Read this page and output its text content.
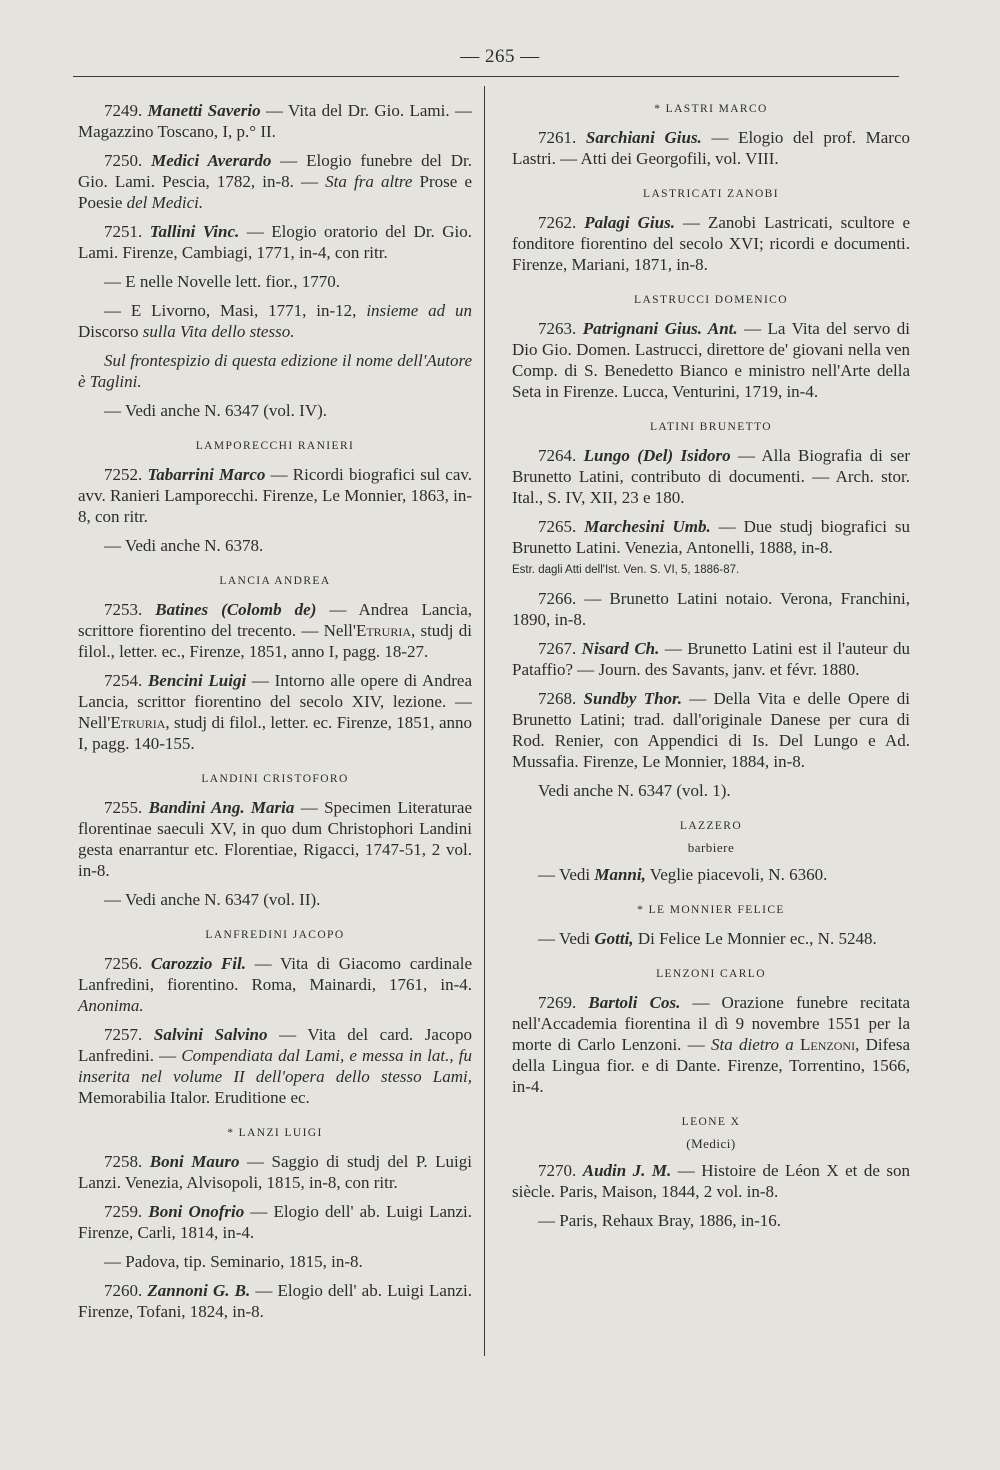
— 265 —

7249. Manetti Saverio — Vita del Dr. Gio. Lami. — Magazzino Toscano, I, p.° II.

7250. Medici Averardo — Elogio funebre del Dr. Gio. Lami. Pescia, 1782, in-8. — Sta fra altre Prose e Poesie del Medici.

7251. Tallini Vinc. — Elogio oratorio del Dr. Gio. Lami. Firenze, Cambiagi, 1771, in-4, con ritr.

— E nelle Novelle lett. fior., 1770.

— E Livorno, Masi, 1771, in-12, insieme ad un Discorso sulla Vita dello stesso.

Sul frontespizio di questa edizione il nome dell'Autore è Taglini.

— Vedi anche N. 6347 (vol. IV).

LAMPORECCHI RANIERI

7252. Tabarrini Marco — Ricordi biografici sul cav. avv. Ranieri Lamporecchi. Firenze, Le Monnier, 1863, in-8, con ritr.

— Vedi anche N. 6378.

LANCIA ANDREA

7253. Batines (Colomb de) — Andrea Lancia, scrittore fiorentino del trecento. — Nell'Etruria, studj di filol., letter. ec., Firenze, 1851, anno I, pagg. 18-27.

7254. Bencini Luigi — Intorno alle opere di Andrea Lancia, scrittor fiorentino del secolo XIV, lezione. — Nell'Etruria, studj di filol., letter. ec. Firenze, 1851, anno I, pagg. 140-155.

LANDINI CRISTOFORO

7255. Bandini Ang. Maria — Specimen Literaturae florentinae saeculi XV, in quo dum Christophori Landini gesta enarrantur etc. Florentiae, Rigacci, 1747-51, 2 vol. in-8.

— Vedi anche N. 6347 (vol. II).

LANFREDINI JACOPO

7256. Carozzio Fil. — Vita di Giacomo cardinale Lanfredini, fiorentino. Roma, Mainardi, 1761, in-4. Anonima.

7257. Salvini Salvino — Vita del card. Jacopo Lanfredini. — Compendiata dal Lami, e messa in lat., fu inserita nel volume II dell'opera dello stesso Lami, Memorabilia Italor. Eruditione ec.

* LANZI LUIGI

7258. Boni Mauro — Saggio di studj del P. Luigi Lanzi. Venezia, Alvisopoli, 1815, in-8, con ritr.

7259. Boni Onofrio — Elogio dell' ab. Luigi Lanzi. Firenze, Carli, 1814, in-4.

— Padova, tip. Seminario, 1815, in-8.

7260. Zannoni G. B. — Elogio dell' ab. Luigi Lanzi. Firenze, Tofani, 1824, in-8.

* LASTRI MARCO

7261. Sarchiani Gius. — Elogio del prof. Marco Lastri. — Atti dei Georgofili, vol. VIII.

LASTRICATI ZANOBI

7262. Palagi Gius. — Zanobi Lastricati, scultore e fonditore fiorentino del secolo XVI; ricordi e documenti. Firenze, Mariani, 1871, in-8.

LASTRUCCI DOMENICO

7263. Patrignani Gius. Ant. — La Vita del servo di Dio Gio. Domen. Lastrucci, direttore de' giovani nella ven Comp. di S. Benedetto Bianco e ministro nell'Arte della Seta in Firenze. Lucca, Venturini, 1719, in-4.

LATINI BRUNETTO

7264. Lungo (Del) Isidoro — Alla Biografia di ser Brunetto Latini, contributo di documenti. — Arch. stor. Ital., S. IV, XII, 23 e 180.

7265. Marchesini Umb. — Due studj biografici su Brunetto Latini. Venezia, Antonelli, 1888, in-8.

Estr. dagli Atti dell'Ist. Ven. S. VI, 5, 1886-87.

7266. — Brunetto Latini notaio. Verona, Franchini, 1890, in-8.

7267. Nisard Ch. — Brunetto Latini est il l'auteur du Pataffio? — Journ. des Savants, janv. et févr. 1880.

7268. Sundby Thor. — Della Vita e delle Opere di Brunetto Latini; trad. dall'originale Danese per cura di Rod. Renier, con Appendici di Is. Del Lungo e Ad. Mussafia. Firenze, Le Monnier, 1884, in-8.

Vedi anche N. 6347 (vol. 1).

LAZZERO
barbiere

— Vedi Manni, Veglie piacevoli, N. 6360.

* LE MONNIER FELICE

— Vedi Gotti, Di Felice Le Monnier ec., N. 5248.

LENZONI CARLO

7269. Bartoli Cos. — Orazione funebre recitata nell'Accademia fiorentina il dì 9 novembre 1551 per la morte di Carlo Lenzoni. — Sta dietro a Lenzoni, Difesa della Lingua fior. e di Dante. Firenze, Torrentino, 1566, in-4.

LEONE X
(Medici)

7270. Audin J. M. — Histoire de Léon X et de son siècle. Paris, Maison, 1844, 2 vol. in-8.

— Paris, Rehaux Bray, 1886, in-16.
